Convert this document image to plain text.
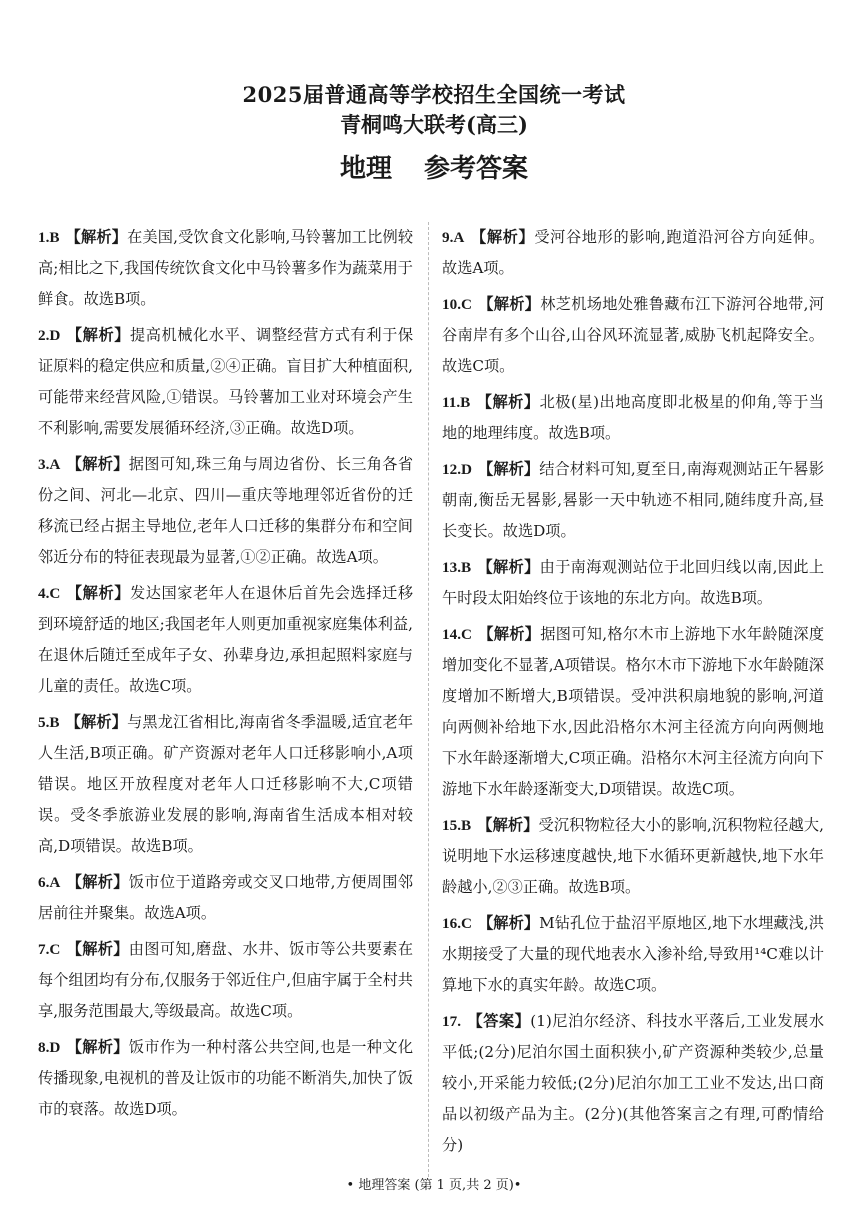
2025届普通高等学校招生全国统一考试
青桐鸣大联考(高三)
地理 参考答案
1.B 【解析】在美国,受饮食文化影响,马铃薯加工比例较高;相比之下,我国传统饮食文化中马铃薯多作为蔬菜用于鲜食。故选B项。
2.D 【解析】提高机械化水平、调整经营方式有利于保证原料的稳定供应和质量,②④正确。盲目扩大种植面积,可能带来经营风险,①错误。马铃薯加工业对环境会产生不利影响,需要发展循环经济,③正确。故选D项。
3.A 【解析】据图可知,珠三角与周边省份、长三角各省份之间、河北—北京、四川—重庆等地理邻近省份的迁移流已经占据主导地位,老年人口迁移的集群分布和空间邻近分布的特征表现最为显著,①②正确。故选A项。
4.C 【解析】发达国家老年人在退休后首先会选择迁移到环境舒适的地区;我国老年人则更加重视家庭集体利益,在退休后随迁至成年子女、孙辈身边,承担起照料家庭与儿童的责任。故选C项。
5.B 【解析】与黑龙江省相比,海南省冬季温暖,适宜老年人生活,B项正确。矿产资源对老年人口迁移影响小,A项错误。地区开放程度对老年人口迁移影响不大,C项错误。受冬季旅游业发展的影响,海南省生活成本相对较高,D项错误。故选B项。
6.A 【解析】饭市位于道路旁或交叉口地带,方便周围邻居前往并聚集。故选A项。
7.C 【解析】由图可知,磨盘、水井、饭市等公共要素在每个组团均有分布,仅服务于邻近住户,但庙宇属于全村共享,服务范围最大,等级最高。故选C项。
8.D 【解析】饭市作为一种村落公共空间,也是一种文化传播现象,电视机的普及让饭市的功能不断消失,加快了饭市的衰落。故选D项。
9.A 【解析】受河谷地形的影响,跑道沿河谷方向延伸。故选A项。
10.C 【解析】林芝机场地处雅鲁藏布江下游河谷地带,河谷南岸有多个山谷,山谷风环流显著,威胁飞机起降安全。故选C项。
11.B 【解析】北极(星)出地高度即北极星的仰角,等于当地的地理纬度。故选B项。
12.D 【解析】结合材料可知,夏至日,南海观测站正午晷影朝南,衡岳无晷影,晷影一天中轨迹不相同,随纬度升高,昼长变长。故选D项。
13.B 【解析】由于南海观测站位于北回归线以南,因此上午时段太阳始终位于该地的东北方向。故选B项。
14.C 【解析】据图可知,格尔木市上游地下水年龄随深度增加变化不显著,A项错误。格尔木市下游地下水年龄随深度增加不断增大,B项错误。受冲洪积扇地貌的影响,河道向两侧补给地下水,因此沿格尔木河主径流方向向两侧地下水年龄逐渐增大,C项正确。沿格尔木河主径流方向向下游地下水年龄逐渐变大,D项错误。故选C项。
15.B 【解析】受沉积物粒径大小的影响,沉积物粒径越大,说明地下水运移速度越快,地下水循环更新越快,地下水年龄越小,②③正确。故选B项。
16.C 【解析】M钻孔位于盐沼平原地区,地下水埋藏浅,洪水期接受了大量的现代地表水入渗补给,导致用¹⁴C难以计算地下水的真实年龄。故选C项。
17. 【答案】(1)尼泊尔经济、科技水平落后,工业发展水平低;(2分)尼泊尔国土面积狭小,矿产资源种类较少,总量较小,开采能力较低;(2分)尼泊尔加工工业不发达,出口商品以初级产品为主。(2分)(其他答案言之有理,可酌情给分)
• 地理答案 (第 1 页,共 2 页)•
